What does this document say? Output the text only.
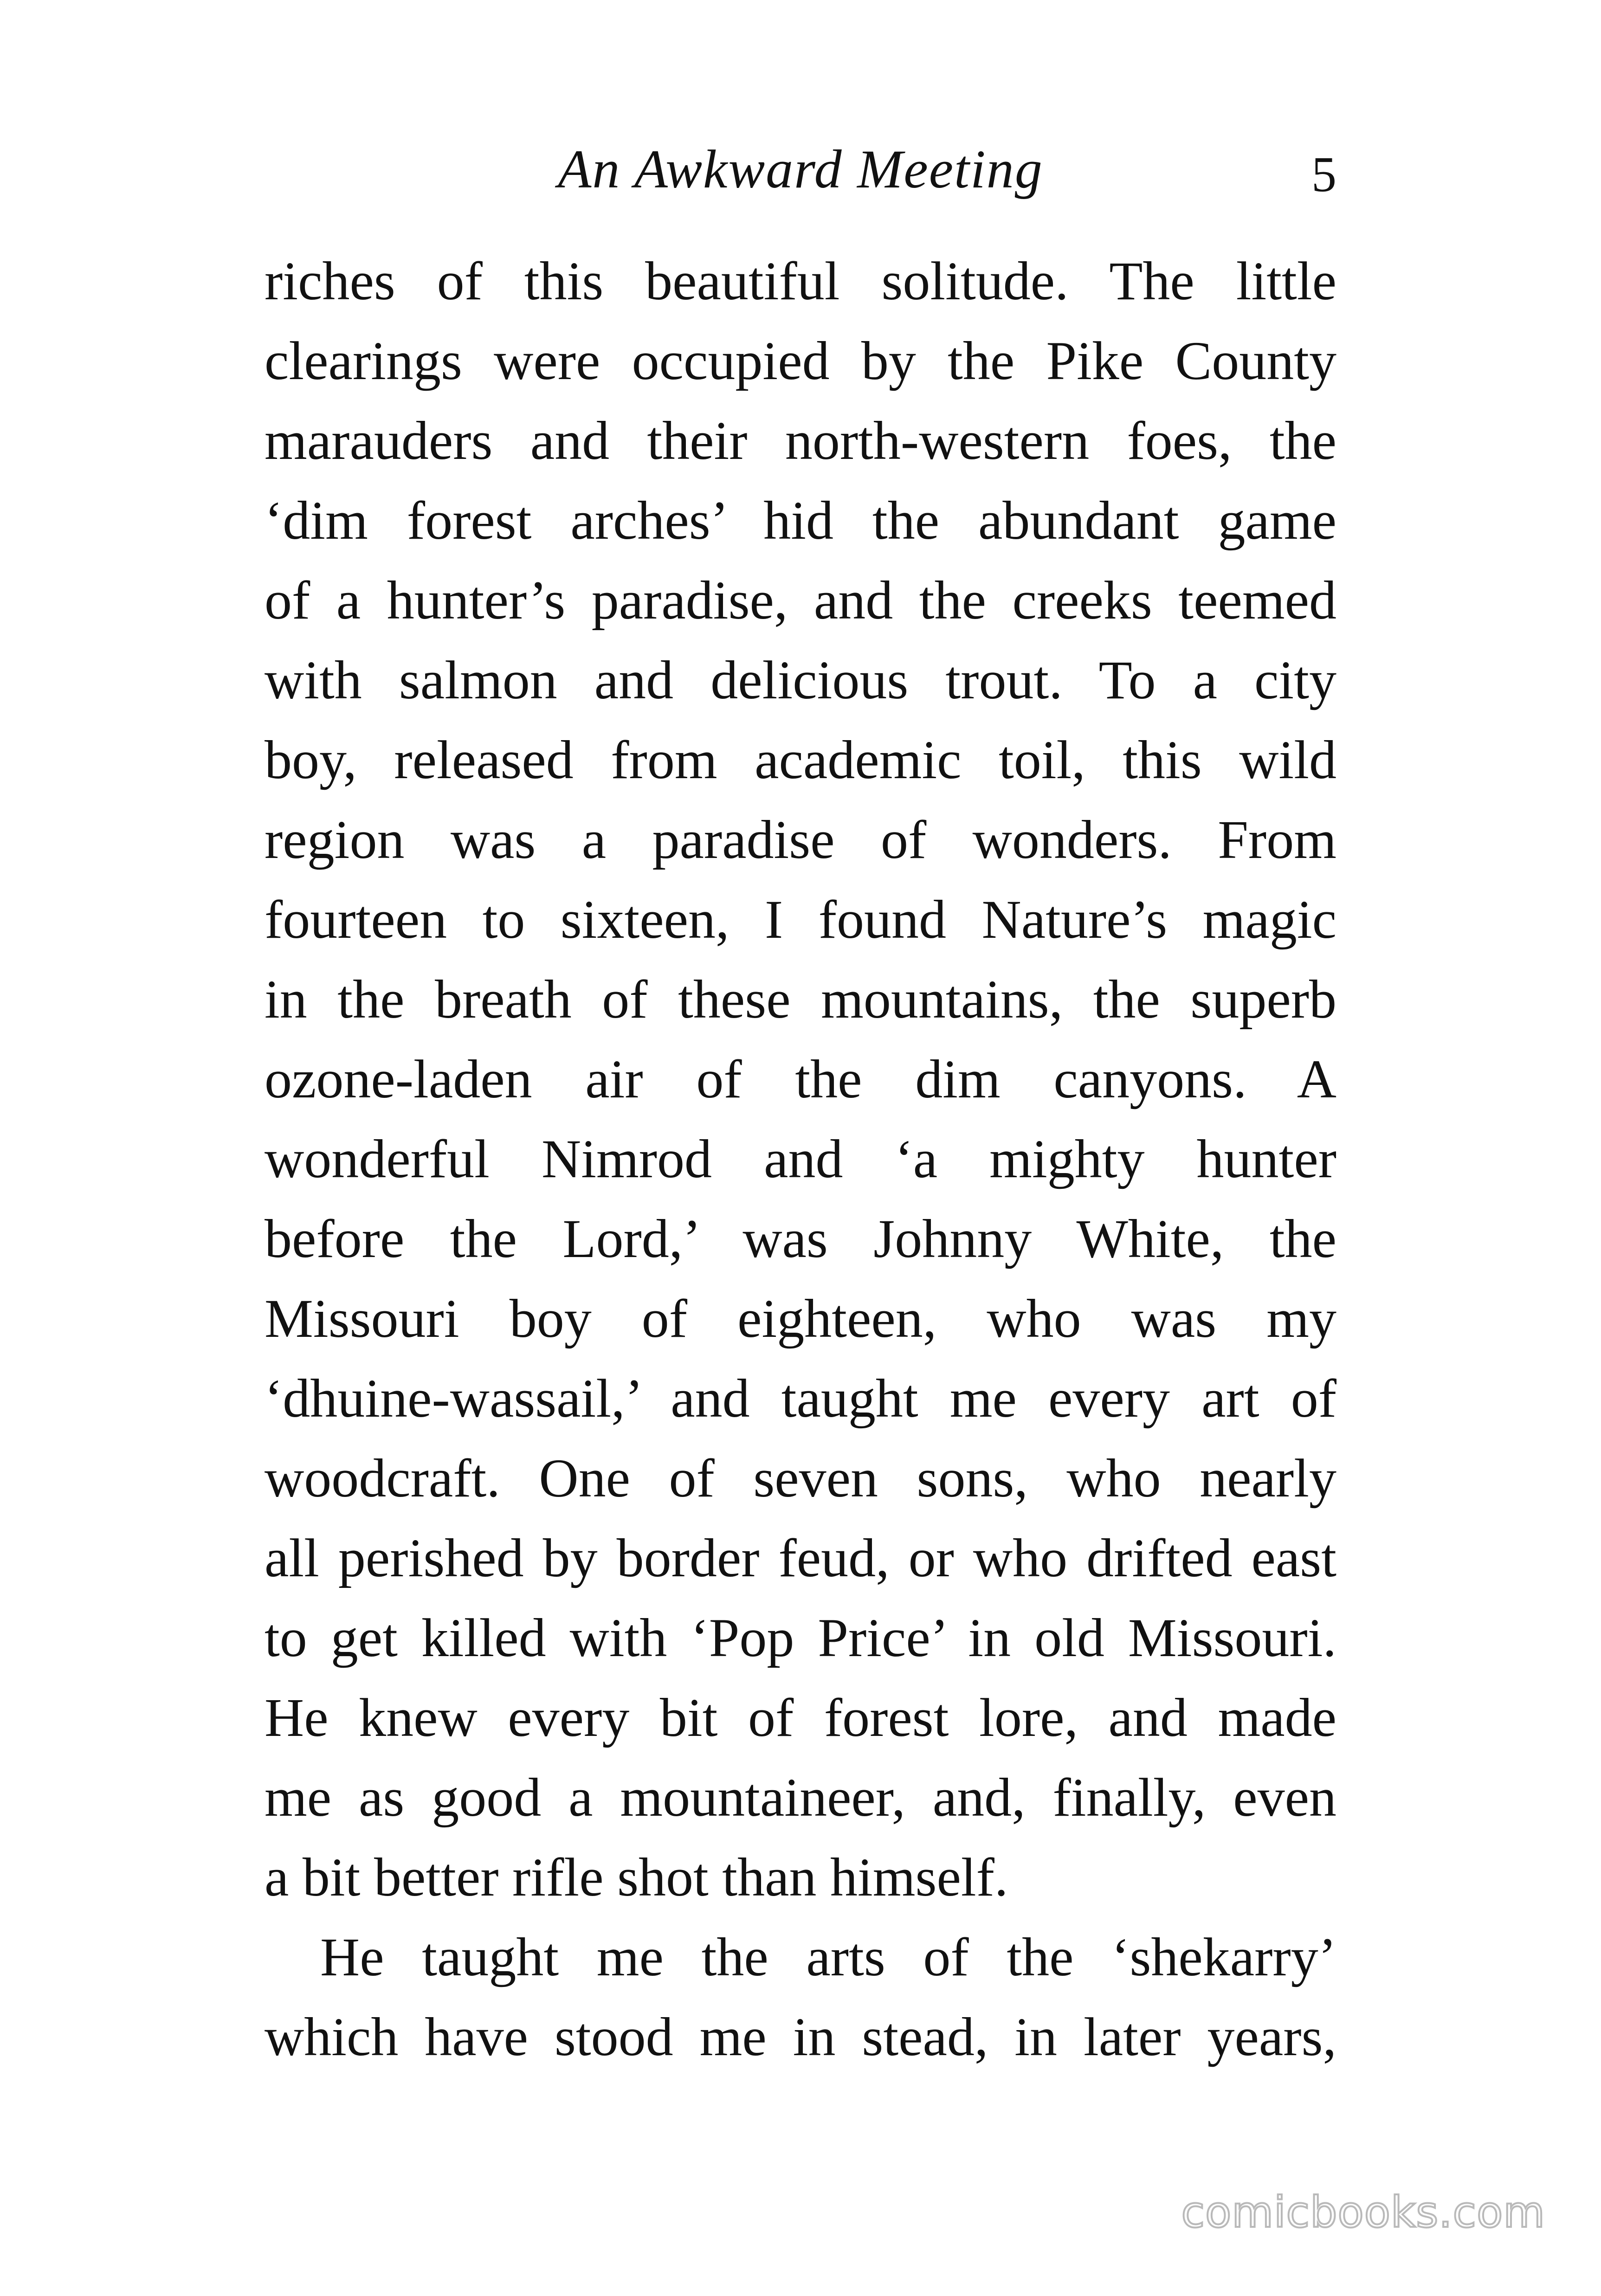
An Awkward Meeting	5
riches of this beautiful solitude. The little
clearings were occupied by the Pike County
marauders and their north-western foes, the
‘dim forest arches’ hid the abundant game
of a hunter’s paradise, and the creeks teemed
with salmon and delicious trout. To a city
boy, released from academic toil, this wild
region was a paradise of wonders. From
fourteen to sixteen, I found Nature’s magic
in the breath of these mountains, the superb
ozone-laden air of the dim canyons. A
wonderful Nimrod and ‘a mighty hunter
before the Lord,’ was Johnny White, the
Missouri boy of eighteen, who was my
‘dhuine-wassail,’ and taught me every art of
woodcraft. One of seven sons, who nearly
all perished by border feud, or who drifted east
to get killed with ‘Pop Price’ in old Missouri.
He knew every bit of forest lore, and made
me as good a mountaineer, and, finally, even
a bit better rifle shot than himself.
He taught me the arts of the ‘shekarry’
which have stood me in stead, in later years,
comicbooks.com
